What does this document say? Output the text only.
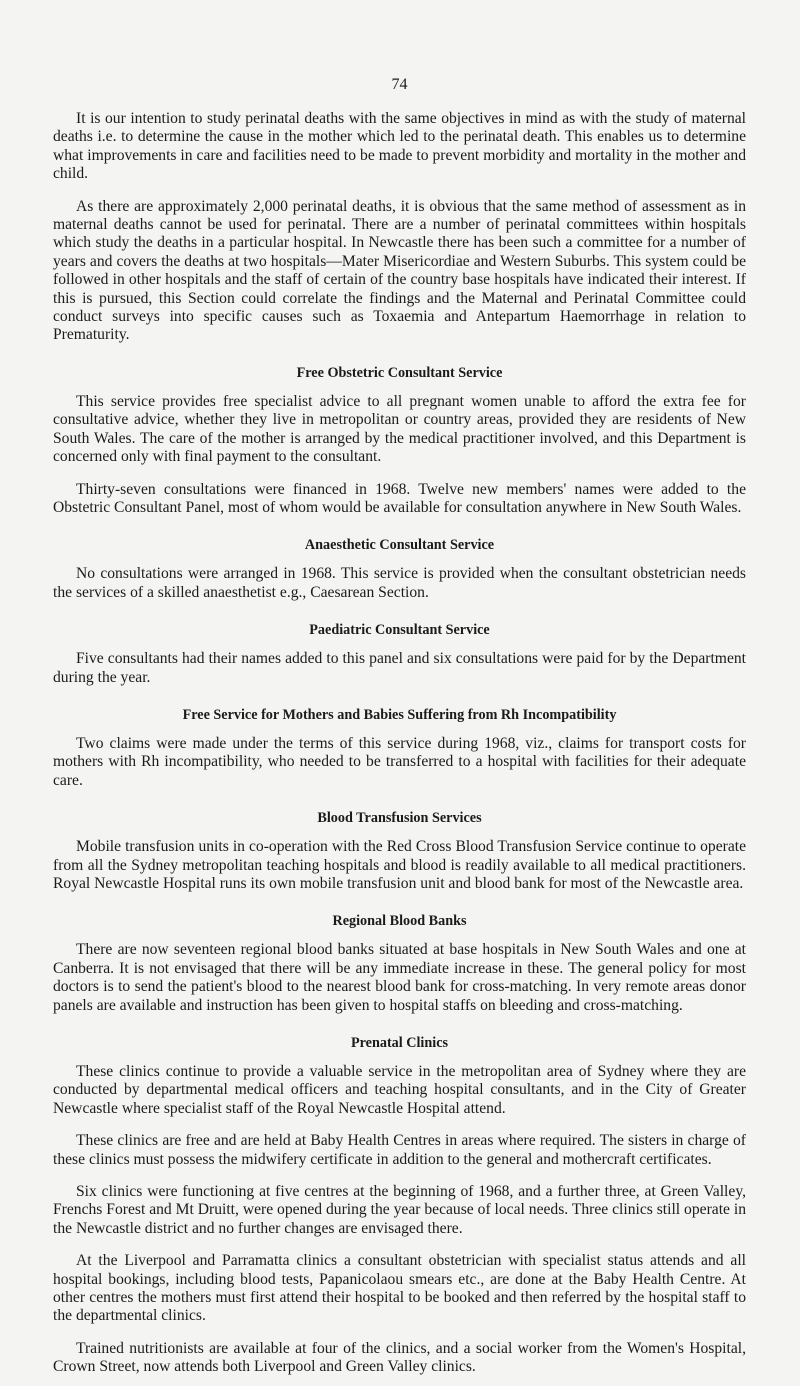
74

It is our intention to study perinatal deaths with the same objectives in mind as with the study of maternal deaths i.e. to determine the cause in the mother which led to the perinatal death. This enables us to determine what improvements in care and facilities need to be made to prevent morbidity and mortality in the mother and child.

As there are approximately 2,000 perinatal deaths, it is obvious that the same method of assessment as in maternal deaths cannot be used for perinatal. There are a number of perinatal committees within hospitals which study the deaths in a particular hospital. In Newcastle there has been such a committee for a number of years and covers the deaths at two hospitals—Mater Misericordiae and Western Suburbs. This system could be followed in other hospitals and the staff of certain of the country base hospitals have indicated their interest. If this is pursued, this Section could correlate the findings and the Maternal and Perinatal Committee could conduct surveys into specific causes such as Toxaemia and Antepartum Haemorrhage in relation to Prematurity.

Free Obstetric Consultant Service

This service provides free specialist advice to all pregnant women unable to afford the extra fee for consultative advice, whether they live in metropolitan or country areas, provided they are residents of New South Wales. The care of the mother is arranged by the medical practitioner involved, and this Department is concerned only with final payment to the consultant.

Thirty-seven consultations were financed in 1968. Twelve new members' names were added to the Obstetric Consultant Panel, most of whom would be available for consultation anywhere in New South Wales.

Anaesthetic Consultant Service

No consultations were arranged in 1968. This service is provided when the consultant obstetrician needs the services of a skilled anaesthetist e.g., Caesarean Section.

Paediatric Consultant Service

Five consultants had their names added to this panel and six consultations were paid for by the Department during the year.

Free Service for Mothers and Babies Suffering from Rh Incompatibility

Two claims were made under the terms of this service during 1968, viz., claims for transport costs for mothers with Rh incompatibility, who needed to be transferred to a hospital with facilities for their adequate care.

Blood Transfusion Services

Mobile transfusion units in co-operation with the Red Cross Blood Transfusion Service continue to operate from all the Sydney metropolitan teaching hospitals and blood is readily available to all medical practitioners. Royal Newcastle Hospital runs its own mobile transfusion unit and blood bank for most of the Newcastle area.

Regional Blood Banks

There are now seventeen regional blood banks situated at base hospitals in New South Wales and one at Canberra. It is not envisaged that there will be any immediate increase in these. The general policy for most doctors is to send the patient's blood to the nearest blood bank for cross-matching. In very remote areas donor panels are available and instruction has been given to hospital staffs on bleeding and cross-matching.

Prenatal Clinics

These clinics continue to provide a valuable service in the metropolitan area of Sydney where they are conducted by departmental medical officers and teaching hospital consultants, and in the City of Greater Newcastle where specialist staff of the Royal Newcastle Hospital attend.

These clinics are free and are held at Baby Health Centres in areas where required. The sisters in charge of these clinics must possess the midwifery certificate in addition to the general and mothercraft certificates.

Six clinics were functioning at five centres at the beginning of 1968, and a further three, at Green Valley, Frenchs Forest and Mt Druitt, were opened during the year because of local needs. Three clinics still operate in the Newcastle district and no further changes are envisaged there.

At the Liverpool and Parramatta clinics a consultant obstetrician with specialist status attends and all hospital bookings, including blood tests, Papanicolaou smears etc., are done at the Baby Health Centre. At other centres the mothers must first attend their hospital to be booked and then referred by the hospital staff to the departmental clinics.

Trained nutritionists are available at four of the clinics, and a social worker from the Women's Hospital, Crown Street, now attends both Liverpool and Green Valley clinics.
